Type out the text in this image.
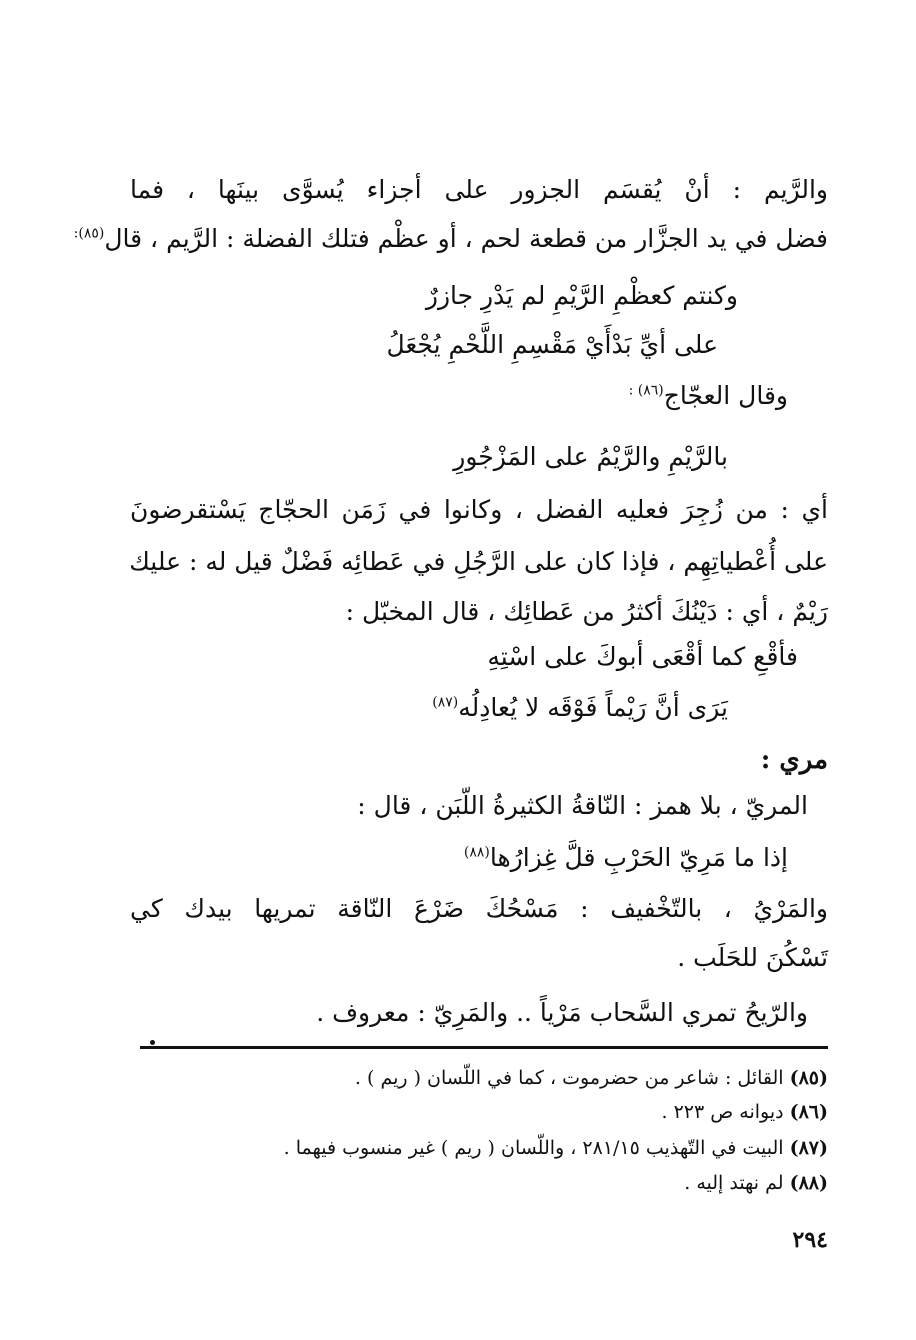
والرَّيم : أنْ يُقسَم الجزور على أجزاء يُسوَّى بينَها ، فما
فضل في يد الجزَّار من قطعة لحم ، أو عظْم فتلك الفضلة : الرَّيم ، قال$^{(٨٥):}$
وكنتم كعظْمِ الرَّيْمِ لم يَدْرِ جازرٌ
على أيِّ بَدْأَيْ مَقْسِمِ اللَّحْمِ يُجْعَلُ
وقال العجّاج$^{(٨٦) :}$
بالرَّيْمِ والرَّيْمُ على المَزْجُورِ
أي : من زُجِرَ فعليه الفضل ، وكانوا في زَمَن الحجّاج يَسْتقرضونَ
على أُعْطياتِهِم ، فإذا كان على الرَّجُلِ في عَطائِه فَضْلٌ قيل له : عليك
رَيْمٌ ، أي : دَيْنُكَ أكثرُ من عَطائِك ، قال المخبّل :
فأقْعِ كما أقْعَى أبوكَ على اسْتِهِ
يَرَى أنَّ رَيْماً فَوْقَه لا يُعادِلُه$^{(٨٧)}$
مري :
المريّ ، بلا همز : النّاقةُ الكثيرةُ اللّبَن ، قال :
إذا ما مَرِيّ الحَرْبِ قلَّ غِزارُها$^{(٨٨)}$
والمَرْيُ ، بالتّخْفيف : مَسْحُكَ ضَرْعَ النّاقة تمريها بيدك كي
تَسْكُنَ للحَلَب .
والرّيحُ تمري السَّحاب مَرْياً .. والمَرِيّ : معروف .
(٨٥)القائل : شاعر من حضرموت ، كما في اللّسان ( ريم ) .
(٨٦)ديوانه ص ٢٢٣ .
(٨٧)البيت في التّهذيب ٢٨١/١٥ ، واللّسان ( ريم ) غير منسوب فيهما .
(٨٨)لم نهتد إليه .
٢٩٤
